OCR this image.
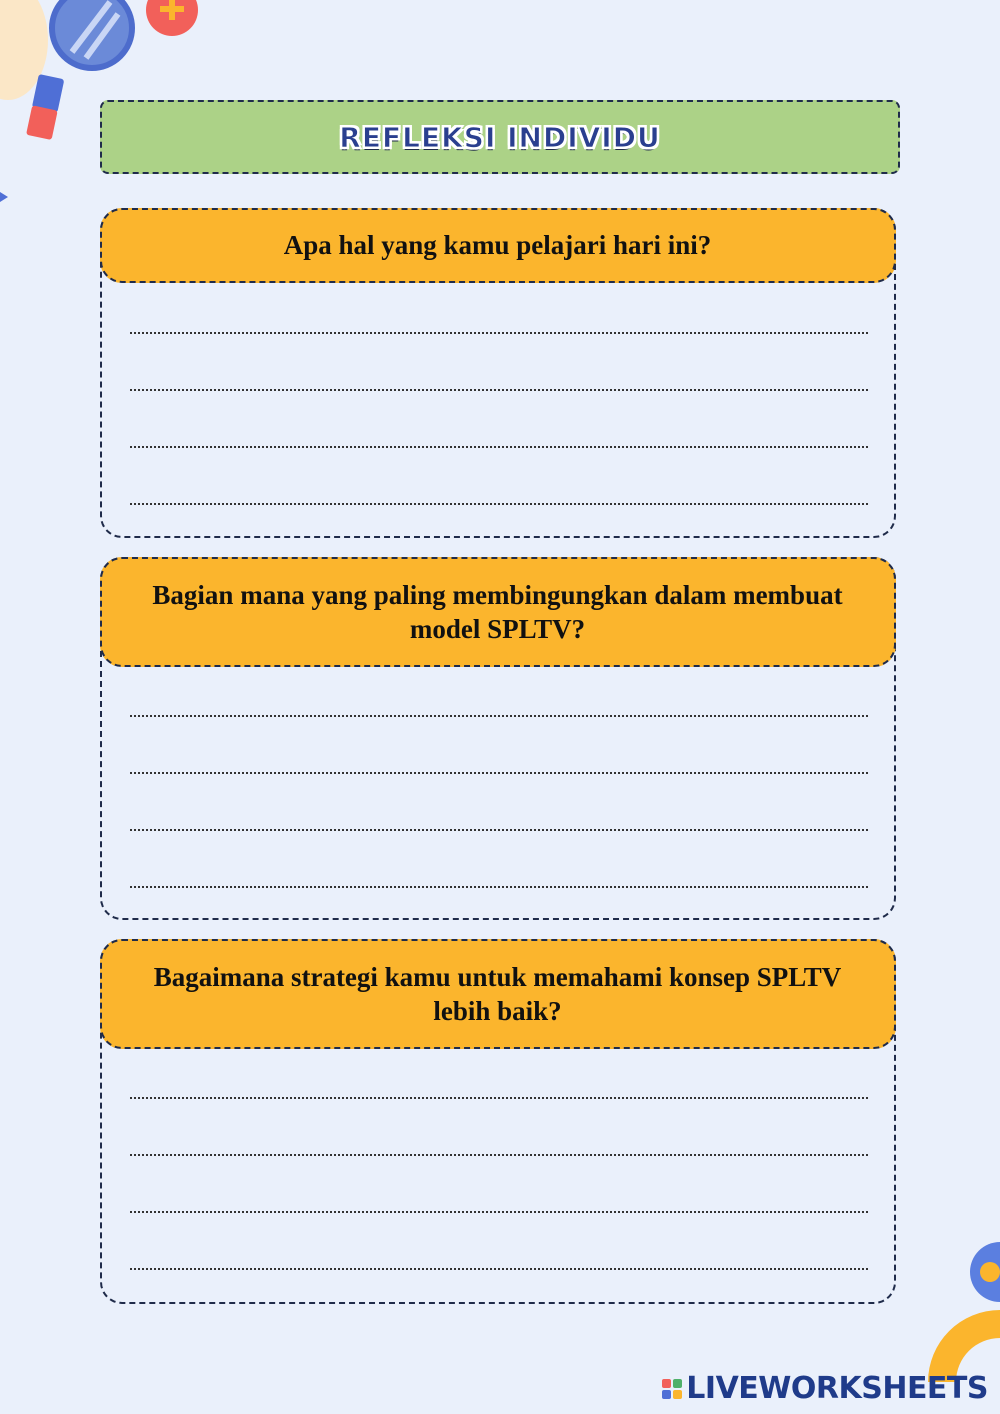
REFLEKSI INDIVIDU
Apa hal yang kamu pelajari hari ini?
Bagian mana yang paling membingungkan dalam membuat model SPLTV?
Bagaimana strategi kamu untuk memahami konsep SPLTV lebih baik?
LIVEWORKSHEETS
